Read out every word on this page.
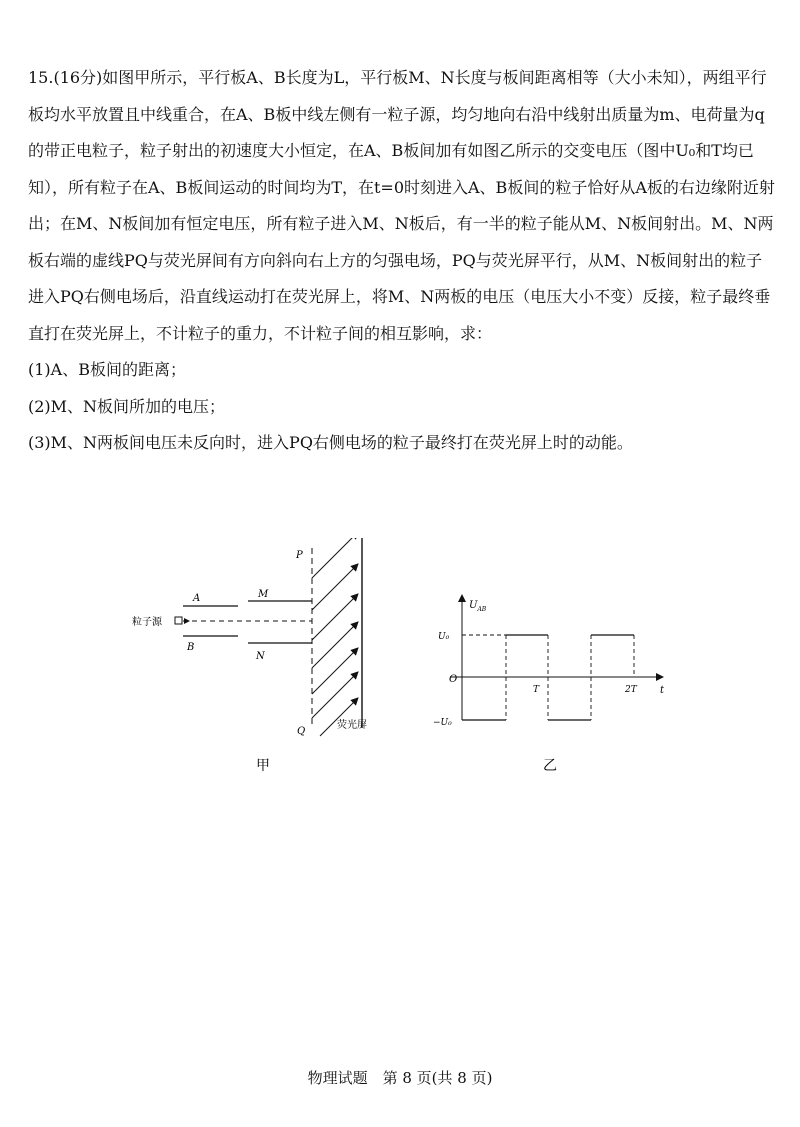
15.(16分)如图甲所示，平行板A、B长度为L，平行板M、N长度与板间距离相等（大小未知），两组平行板均水平放置且中线重合，在A、B板中线左侧有一粒子源，均匀地向右沿中线射出质量为m、电荷量为q的带正电粒子，粒子射出的初速度大小恒定，在A、B板间加有如图乙所示的交变电压（图中U₀和T均已知），所有粒子在A、B板间运动的时间均为T，在t=0时刻进入A、B板间的粒子恰好从A板的右边缘附近射出；在M、N板间加有恒定电压，所有粒子进入M、N板后，有一半的粒子能从M、N板间射出。M、N两板右端的虚线PQ与荧光屏间有方向斜向右上方的匀强电场，PQ与荧光屏平行，从M、N板间射出的粒子进入PQ右侧电场后，沿直线运动打在荧光屏上，将M、N两板的电压（电压大小不变）反接，粒子最终垂直打在荧光屏上，不计粒子的重力，不计粒子间的相互影响，求：

(1)A、B板间的距离；

(2)M、N板间所加的电压；

(3)M、N两板间电压未反向时，进入PQ右侧电场的粒子最终打在荧光屏上时的动能。

A
B
粒子源
M
N
P
Q
荧光屏
甲
$U_{AB}$
t
O
U₀
−U₀
T	2T
乙
物理试题　第 8 页(共 8 页)
